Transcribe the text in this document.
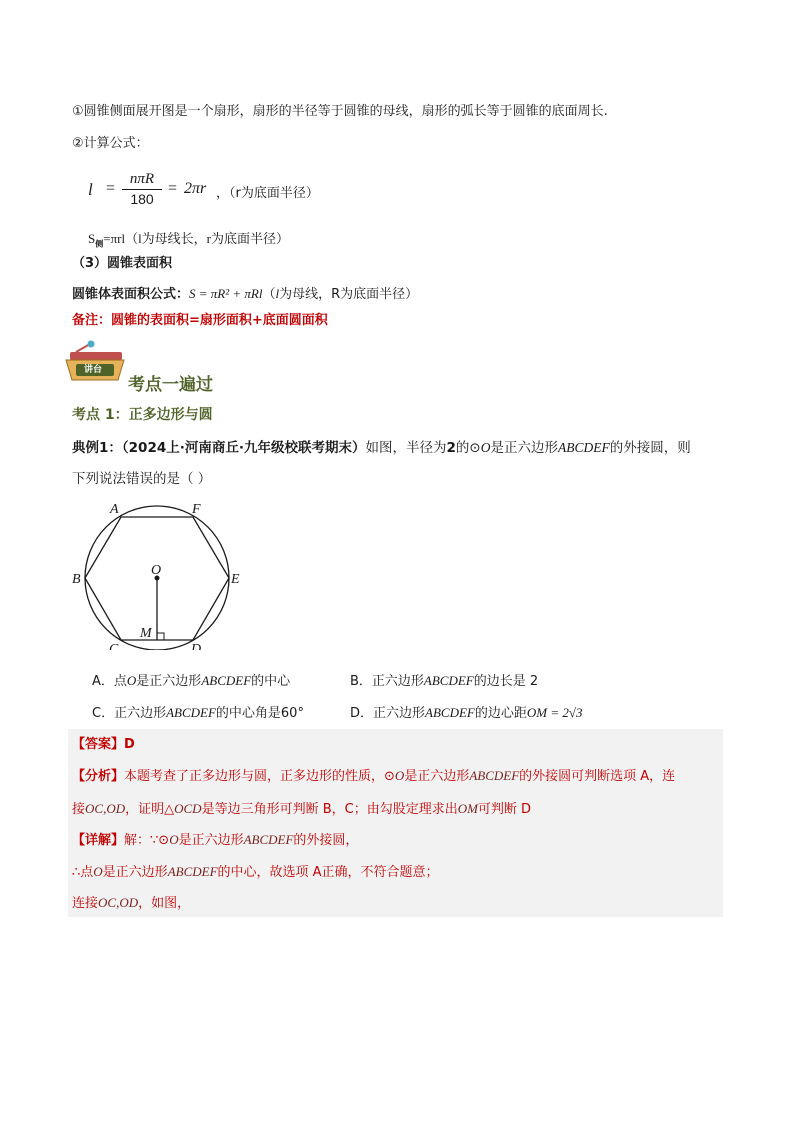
①圆锥侧面展开图是一个扇形，扇形的半径等于圆锥的母线，扇形的弧长等于圆锥的底面周长.
②计算公式：
l =
nπR
180
= 2πr ，（r为底面半径）
$S_侧=\pi rl(l$为母线长，r为底面半径）
（3）圆锥表面积
圆锥体表面积公式：S = πR² + πRl（l为母线，R为底面半径）
备注：圆锥的表面积=扇形面积+底面圆面积
讲台
考点一遍过
考点 1：正多边形与圆
典例1：（2024上·河南商丘·九年级校联考期末）如图，半径为2的⊙O是正六边形ABCDEF的外接圆，则
下列说法错误的是（ ）
A	F
B	E
C	D
O
M
A．点O是正六边形ABCDEF的中心	B．正六边形ABCDEF的边长是 2
C．正六边形ABCDEF的中心角是60°	D．正六边形ABCDEF的边心距OM = 2√3
【答案】D
【分析】本题考查了正多边形与圆，正多边形的性质，⊙O是正六边形ABCDEF的外接圆可判断选项 A，连
接OC,OD，证明△OCD是等边三角形可判断 B，C；由勾股定理求出OM可判断 D
【详解】解：∵⊙O是正六边形ABCDEF的外接圆，
∴点O是正六边形ABCDEF的中心，故选项 A正确，不符合题意；
连接OC,OD，如图，
